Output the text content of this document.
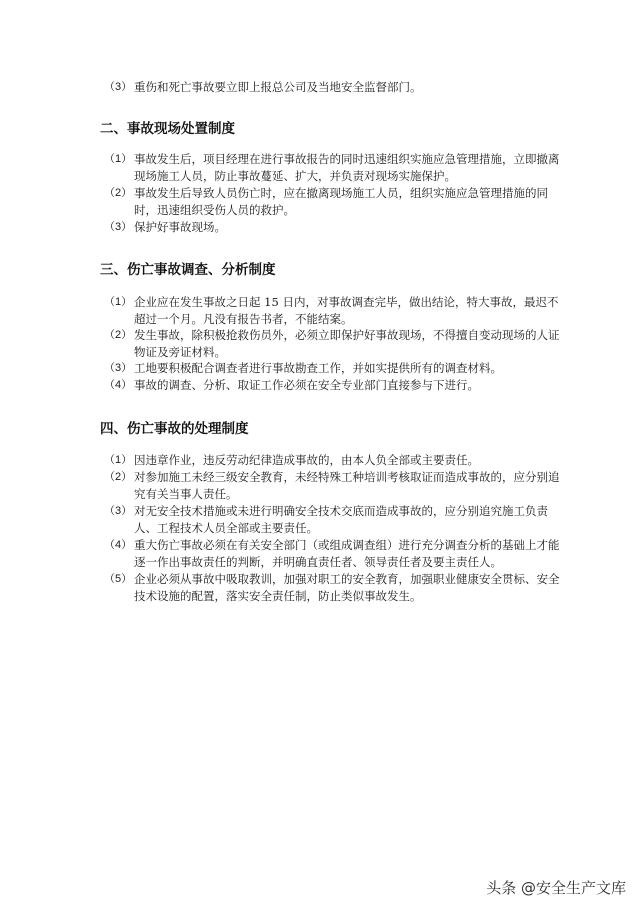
（3） 重伤和死亡事故要立即上报总公司及当地安全监督部门。
二、事故现场处置制度
（1） 事故发生后，项目经理在进行事故报告的同时迅速组织实施应急管理措施，立即撤离现场施工人员，防止事故蔓延、扩大，并负责对现场实施保护。
（2） 事故发生后导致人员伤亡时，应在撤离现场施工人员，组织实施应急管理措施的同时，迅速组织受伤人员的救护。
（3） 保护好事故现场。
三、伤亡事故调查、分析制度
（1） 企业应在发生事故之日起 15 日内，对事故调查完毕，做出结论，特大事故，最迟不超过一个月。凡没有报告书者，不能结案。
（2） 发生事故，除积极抢救伤员外，必须立即保护好事故现场，不得擅自变动现场的人证物证及旁证材料。
（3） 工地要积极配合调查者进行事故勘查工作，并如实提供所有的调查材料。
（4） 事故的调查、分析、取证工作必须在安全专业部门直接参与下进行。
四、伤亡事故的处理制度
（1） 因违章作业，违反劳动纪律造成事故的，由本人负全部或主要责任。
（2） 对参加施工未经三级安全教育，未经特殊工种培训考核取证而造成事故的，应分别追究有关当事人责任。
（3） 对无安全技术措施或未进行明确安全技术交底而造成事故的，应分别追究施工负责人、工程技术人员全部或主要责任。
（4） 重大伤亡事故必须在有关安全部门（或组成调查组）进行充分调查分析的基础上才能逐一作出事故责任的判断，并明确直责任者、领导责任者及要主责任人。
（5） 企业必须从事故中吸取教训，加强对职工的安全教育，加强职业健康安全贯标、安全技术设施的配置，落实安全责任制，防止类似事故发生。
头条 @安全生产文库
